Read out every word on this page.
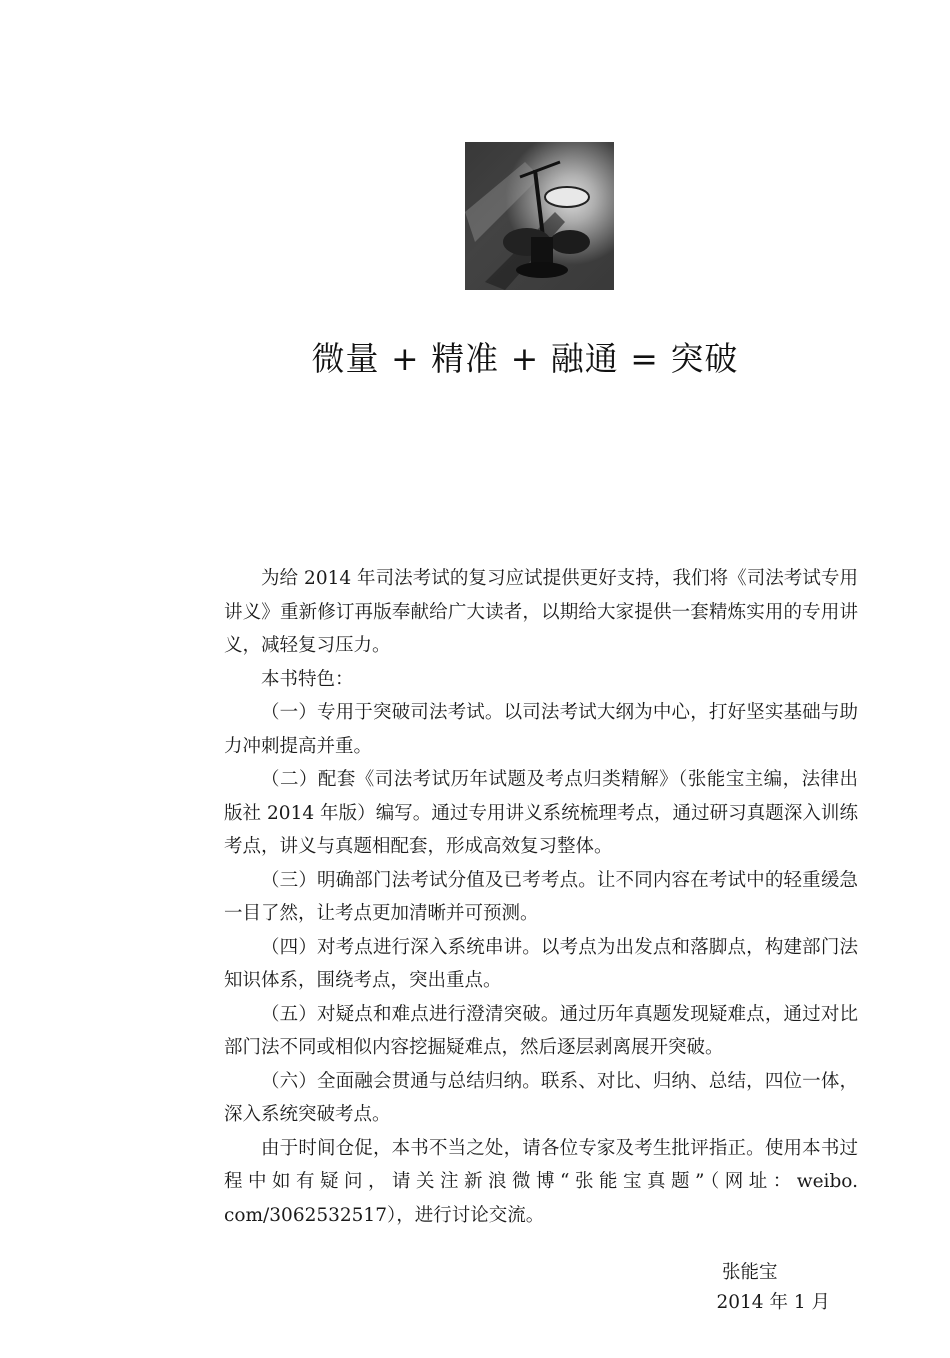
微量 + 精准 + 融通 = 突破

为给 2014 年司法考试的复习应试提供更好支持，我们将《司法考试专用讲义》重新修订再版奉献给广大读者，以期给大家提供一套精炼实用的专用讲义，减轻复习压力。

本书特色：

（一）专用于突破司法考试。以司法考试大纲为中心，打好坚实基础与助力冲刺提高并重。

（二）配套《司法考试历年试题及考点归类精解》（张能宝主编，法律出版社 2014 年版）编写。通过专用讲义系统梳理考点，通过研习真题深入训练考点，讲义与真题相配套，形成高效复习整体。

（三）明确部门法考试分值及已考考点。让不同内容在考试中的轻重缓急一目了然，让考点更加清晰并可预测。

（四）对考点进行深入系统串讲。以考点为出发点和落脚点，构建部门法知识体系，围绕考点，突出重点。

（五）对疑点和难点进行澄清突破。通过历年真题发现疑难点，通过对比部门法不同或相似内容挖掘疑难点，然后逐层剥离展开突破。

（六）全面融会贯通与总结归纳。联系、对比、归纳、总结，四位一体，深入系统突破考点。

由于时间仓促，本书不当之处，请各位专家及考生批评指正。使用本书过程中如有疑问，请关注新浪微博“张能宝真题”（网址：weibo. com/3062532517），进行讨论交流。

张能宝
2014 年 1 月
